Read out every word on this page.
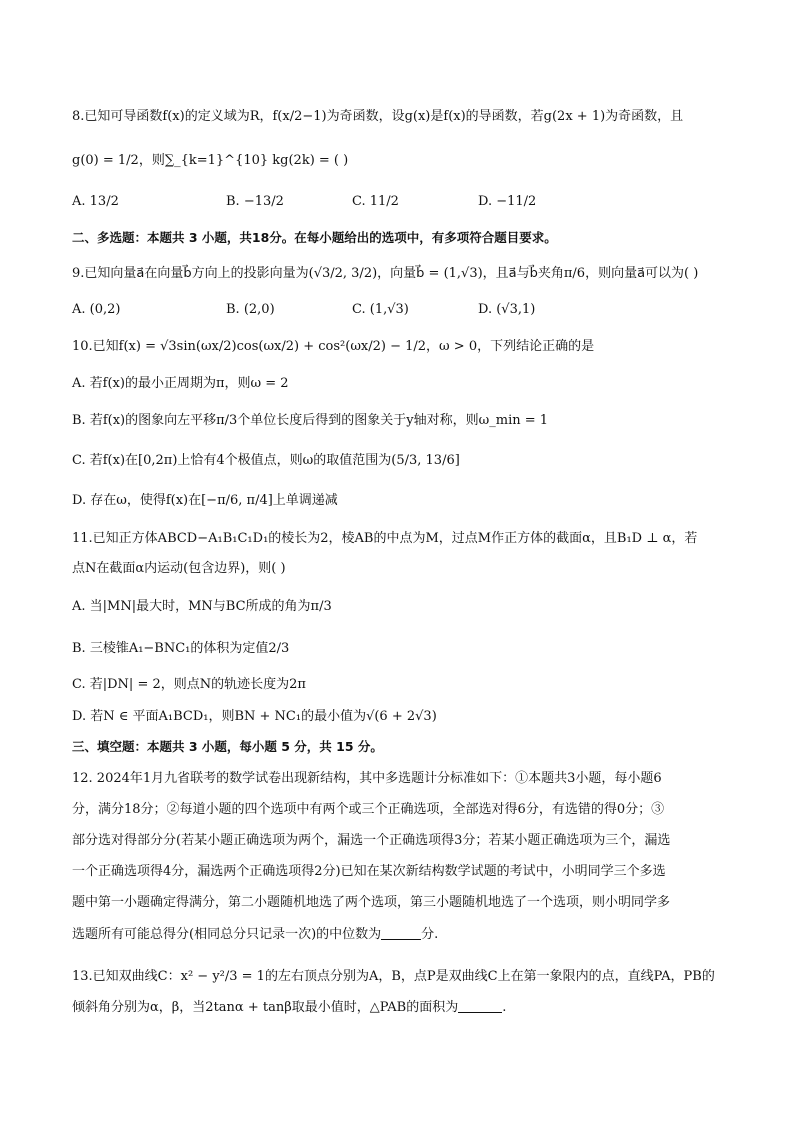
8.已知可导函数f(x)的定义域为R，f(x/2−1)为奇函数，设g(x)是f(x)的导函数，若g(2x + 1)为奇函数，且
g(0) = 1/2，则∑_{k=1}^{10} kg(2k) = ( )
A. 13/2	B. −13/2	C. 11/2	D. −11/2
二、多选题：本题共 3 小题，共18分。在每小题给出的选项中，有多项符合题目要求。
9.已知向量a⃗在向量b⃗方向上的投影向量为(√3/2, 3/2)，向量b⃗ = (1,√3)，且a⃗与b⃗夹角π/6，则向量a⃗可以为( )
A. (0,2)	B. (2,0)	C. (1,√3)	D. (√3,1)
10.已知f(x) = √3sin(ωx/2)cos(ωx/2) + cos²(ωx/2) − 1/2，ω > 0，下列结论正确的是
A. 若f(x)的最小正周期为π，则ω = 2
B. 若f(x)的图象向左平移π/3个单位长度后得到的图象关于y轴对称，则ω_min = 1
C. 若f(x)在[0,2π)上恰有4个极值点，则ω的取值范围为(5/3, 13/6]
D. 存在ω，使得f(x)在[−π/6, π/4]上单调递减
11.已知正方体ABCD−A₁B₁C₁D₁的棱长为2，棱AB的中点为M，过点M作正方体的截面α，且B₁D ⊥ α，若
点N在截面α内运动(包含边界)，则( )
A. 当|MN|最大时，MN与BC所成的角为π/3
B. 三棱锥A₁−BNC₁的体积为定值2/3
C. 若|DN| = 2，则点N的轨迹长度为2π
D. 若N ∈ 平面A₁BCD₁，则BN + NC₁的最小值为√(6 + 2√3)
三、填空题：本题共 3 小题，每小题 5 分，共 15 分。
12. 2024年1月九省联考的数学试卷出现新结构，其中多选题计分标准如下：①本题共3小题，每小题6
分，满分18分；②每道小题的四个选项中有两个或三个正确选项，全部选对得6分，有选错的得0分；③
部分选对得部分分(若某小题正确选项为两个，漏选一个正确选项得3分；若某小题正确选项为三个，漏选
一个正确选项得4分，漏选两个正确选项得2分)已知在某次新结构数学试题的考试中，小明同学三个多选
题中第一小题确定得满分，第二小题随机地选了两个选项，第三小题随机地选了一个选项，则小明同学多
选题所有可能总得分(相同总分只记录一次)的中位数为	分.
13.已知双曲线C：x² − y²/3 = 1的左右顶点分别为A，B，点P是双曲线C上在第一象限内的点，直线PA，PB的
倾斜角分别为α，β，当2tanα + tanβ取最小值时，△PAB的面积为	.
